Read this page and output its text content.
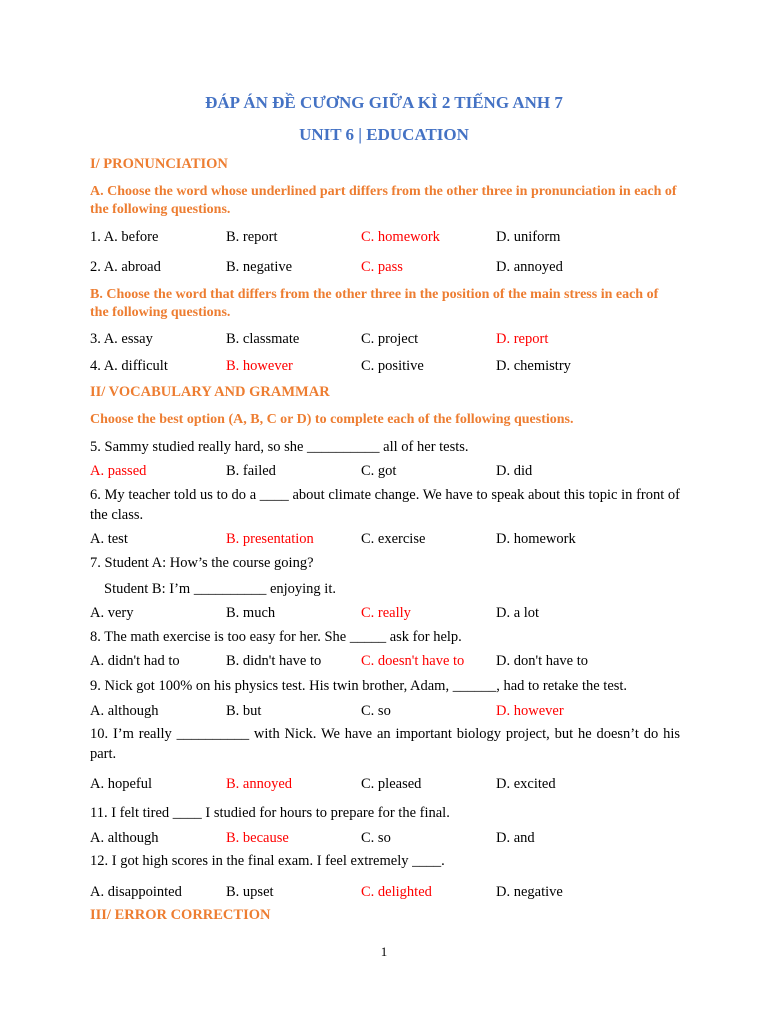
ĐÁP ÁN ĐỀ CƯƠNG GIỮA KÌ 2 TIẾNG ANH 7
UNIT 6 | EDUCATION
I/ PRONUNCIATION
A. Choose the word whose underlined part differs from the other three in pronunciation in each of the following questions.
1. A. before	B. report	C. homework	D. uniform
2. A. abroad	B. negative	C. pass	D. annoyed
B. Choose the word that differs from the other three in the position of the main stress in each of the following questions.
3. A. essay	B. classmate	C. project	D. report
4. A. difficult	B. however	C. positive	D. chemistry
II/ VOCABULARY AND GRAMMAR
Choose the best option (A, B, C or D) to complete each of the following questions.
5. Sammy studied really hard, so she __________ all of her tests.
A. passed	B. failed	C. got	D. did
6. My teacher told us to do a ____ about climate change. We have to speak about this topic in front of the class.
A. test	B. presentation	C. exercise	D. homework
7. Student A: How’s the course going?
Student B: I’m __________ enjoying it.
A. very	B. much	C. really	D. a lot
8. The math exercise is too easy for her. She _____ ask for help.
A. didn't had to	B. didn't have to	C. doesn't have to D. don't have to
9. Nick got 100% on his physics test. His twin brother, Adam, ______, had to retake the test.
A. although	B. but	C. so	D. however
10. I’m really __________ with Nick. We have an important biology project, but he doesn’t do his part.
A. hopeful	B. annoyed	C. pleased	D. excited
11. I felt tired ____ I studied for hours to prepare for the final.
A. although	B. because	C. so	D. and
12. I got high scores in the final exam. I feel extremely ____.
A. disappointed	B. upset	C. delighted	D. negative
III/ ERROR CORRECTION
1
